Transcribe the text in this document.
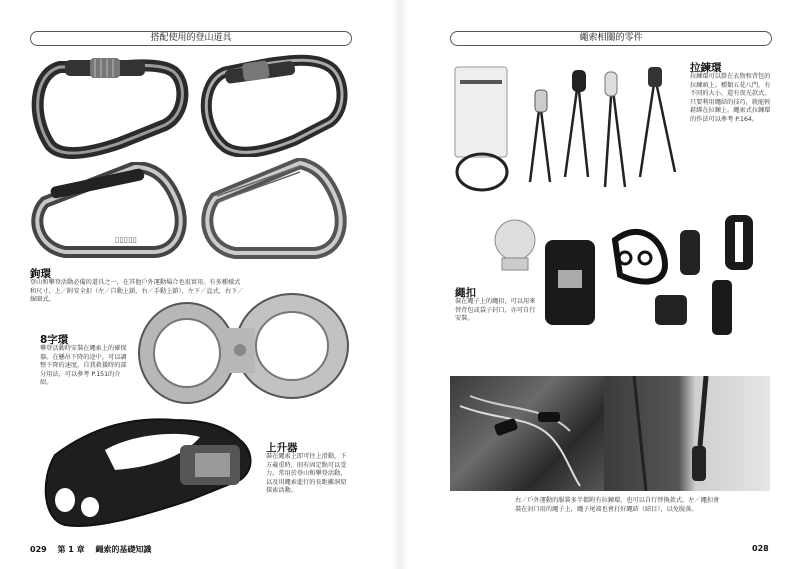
搭配使用的登山道具
▯▯▯▯▯
鉤環
登山和攀登活動必備的道具之一，在其他戶外運動場合也很實用。有多種樣式和尺寸，上／附安全扣（左／自動上鎖，右／手動上鎖），左下／直式，右下／線圈式。
8字環
攀登活動時安裝在繩索上的確保器。在懸吊下降的途中，可以調整下降的速度。自我救援時的部分用法，可以參考 P.151的介紹。
上升器
裝在繩索上即可往上滑動，下方載重時，則有固定點可以受力。常用於登山和攀登活動，以及用繩索進行的長距離洞窟探索活動。
029 第 1 章 繩索的基礎知識
繩索相關的零件
拉鍊環
拉鍊環可以掛在衣物和背包的拉鍊頭上。種類五花八門，有不同的大小，還有夜光款式。只要利用繩結的技巧，就能輕鬆綁在拉鍊上。繩索式拉鍊環的作法可以參考 P.164。
繩扣
裝在繩子上的繩扣，可以用來替背包或袋子封口，亦可自行安裝。
右／戶外運動的服裝多半都附有拉鍊環，也可以自行替換款式。左／繩扣會裝在封口用的繩子上，繩子尾端也會打好繩結（結目），以免脫落。
028
